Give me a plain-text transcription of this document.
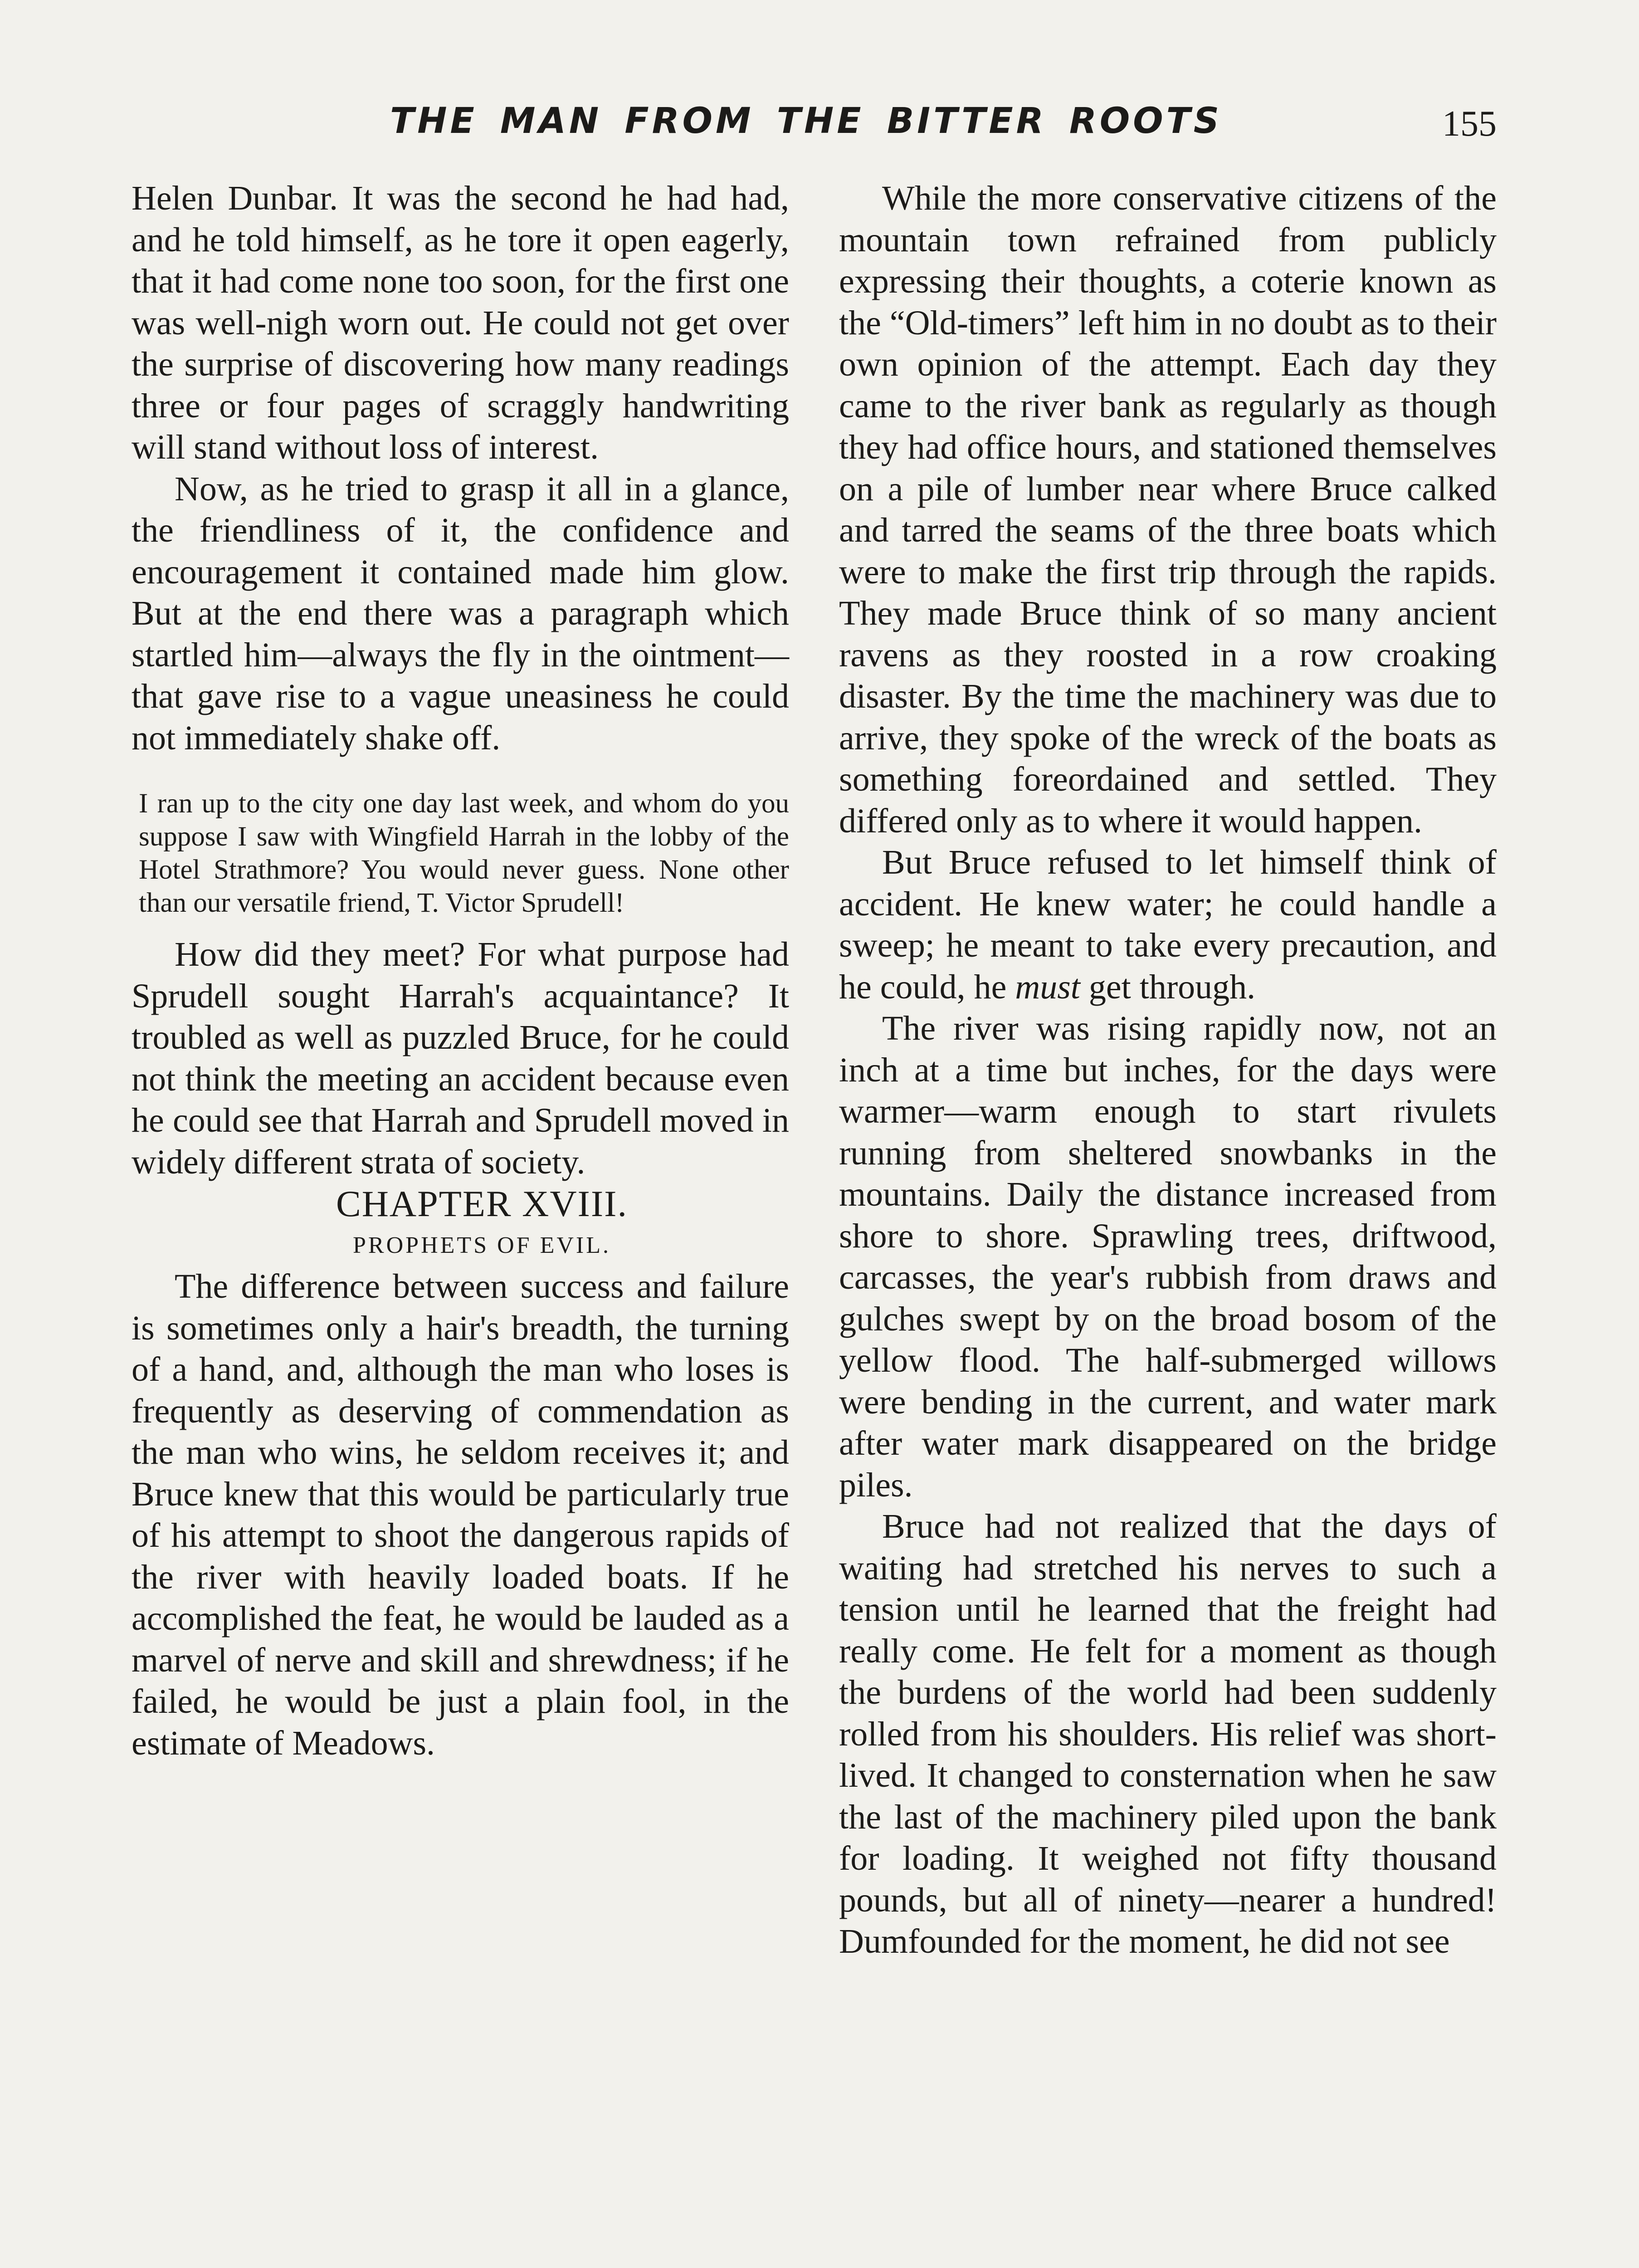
THE MAN FROM THE BITTER ROOTS	155

Helen Dunbar. It was the second he had had, and he told himself, as he tore it open eagerly, that it had come none too soon, for the first one was well-nigh worn out. He could not get over the surprise of discovering how many readings three or four pages of scraggly handwriting will stand without loss of interest.

Now, as he tried to grasp it all in a glance, the friendliness of it, the confidence and encouragement it contained made him glow. But at the end there was a paragraph which startled him—always the fly in the ointment—that gave rise to a vague uneasiness he could not immediately shake off.

I ran up to the city one day last week, and whom do you suppose I saw with Wingfield Harrah in the lobby of the Hotel Strathmore? You would never guess. None other than our versatile friend, T. Victor Sprudell!

How did they meet? For what purpose had Sprudell sought Harrah's acquaintance? It troubled as well as puzzled Bruce, for he could not think the meeting an accident because even he could see that Harrah and Sprudell moved in widely different strata of society.

CHAPTER XVIII.

PROPHETS OF EVIL.

The difference between success and failure is sometimes only a hair's breadth, the turning of a hand, and, although the man who loses is frequently as deserving of commendation as the man who wins, he seldom receives it; and Bruce knew that this would be particularly true of his attempt to shoot the dangerous rapids of the river with heavily loaded boats. If he accomplished the feat, he would be lauded as a marvel of nerve and skill and shrewdness; if he failed, he would be just a plain fool, in the estimate of Meadows.

While the more conservative citizens of the mountain town refrained from publicly expressing their thoughts, a coterie known as the “Old-timers” left him in no doubt as to their own opinion of the attempt. Each day they came to the river bank as regularly as though they had office hours, and stationed themselves on a pile of lumber near where Bruce calked and tarred the seams of the three boats which were to make the first trip through the rapids. They made Bruce think of so many ancient ravens as they roosted in a row croaking disaster. By the time the machinery was due to arrive, they spoke of the wreck of the boats as something foreordained and settled. They differed only as to where it would happen.

But Bruce refused to let himself think of accident. He knew water; he could handle a sweep; he meant to take every precaution, and he could, he must get through.

The river was rising rapidly now, not an inch at a time but inches, for the days were warmer—warm enough to start rivulets running from sheltered snowbanks in the mountains. Daily the distance increased from shore to shore. Sprawling trees, driftwood, carcasses, the year's rubbish from draws and gulches swept by on the broad bosom of the yellow flood. The half-submerged willows were bending in the current, and water mark after water mark disappeared on the bridge piles.

Bruce had not realized that the days of waiting had stretched his nerves to such a tension until he learned that the freight had really come. He felt for a moment as though the burdens of the world had been suddenly rolled from his shoulders. His relief was short-lived. It changed to consternation when he saw the last of the machinery piled upon the bank for loading. It weighed not fifty thousand pounds, but all of ninety—nearer a hundred! Dumfounded for the moment, he did not see
